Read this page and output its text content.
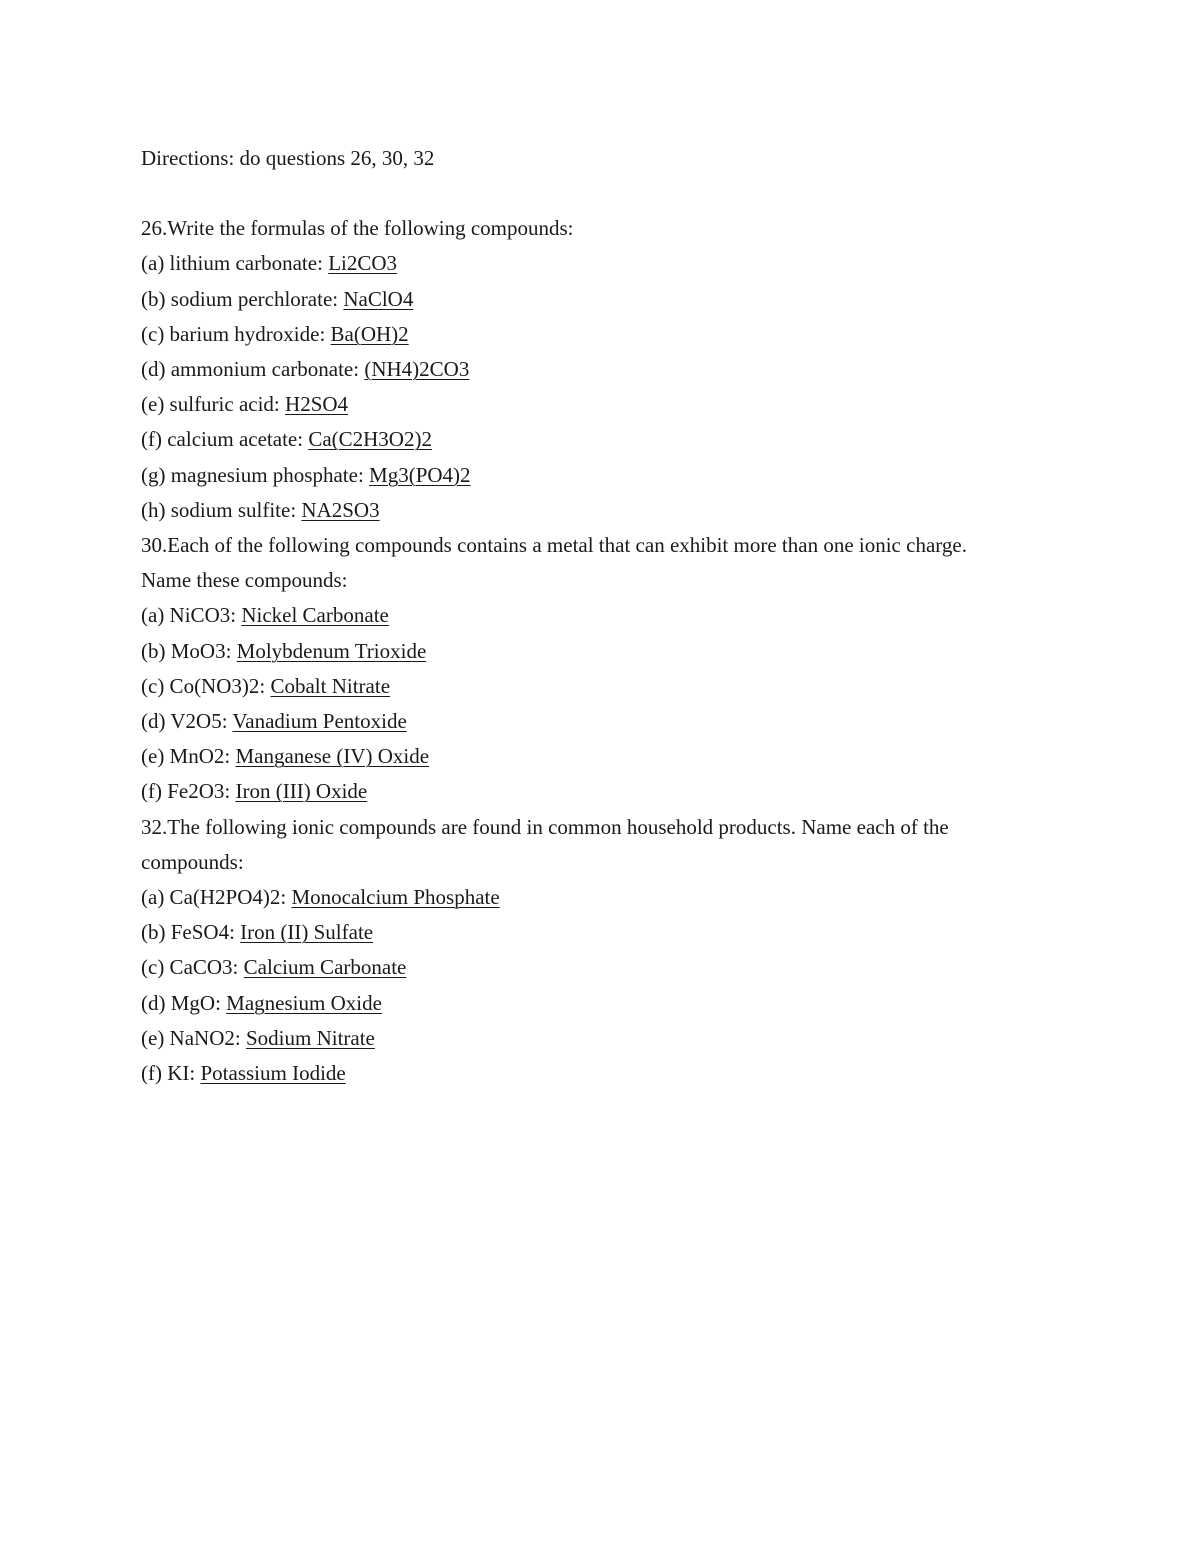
Directions: do questions 26, 30, 32

26.Write the formulas of the following compounds:

(a) lithium carbonate: Li2CO3

(b) sodium perchlorate: NaClO4

(c) barium hydroxide: Ba(OH)2

(d) ammonium carbonate: (NH4)2CO3

(e) sulfuric acid: H2SO4

(f) calcium acetate: Ca(C2H3O2)2

(g) magnesium phosphate: Mg3(PO4)2

(h) sodium sulfite: NA2SO3

30.Each of the following compounds contains a metal that can exhibit more than one ionic charge.

Name these compounds:

(a) NiCO3: Nickel Carbonate

(b) MoO3: Molybdenum Trioxide

(c) Co(NO3)2: Cobalt Nitrate

(d) V2O5: Vanadium Pentoxide

(e) MnO2: Manganese (IV) Oxide

(f) Fe2O3: Iron (III) Oxide

32.The following ionic compounds are found in common household products. Name each of the

compounds:

(a) Ca(H2PO4)2: Monocalcium Phosphate

(b) FeSO4: Iron (II) Sulfate

(c) CaCO3: Calcium Carbonate

(d) MgO: Magnesium Oxide

(e) NaNO2: Sodium Nitrate

(f) KI: Potassium Iodide
